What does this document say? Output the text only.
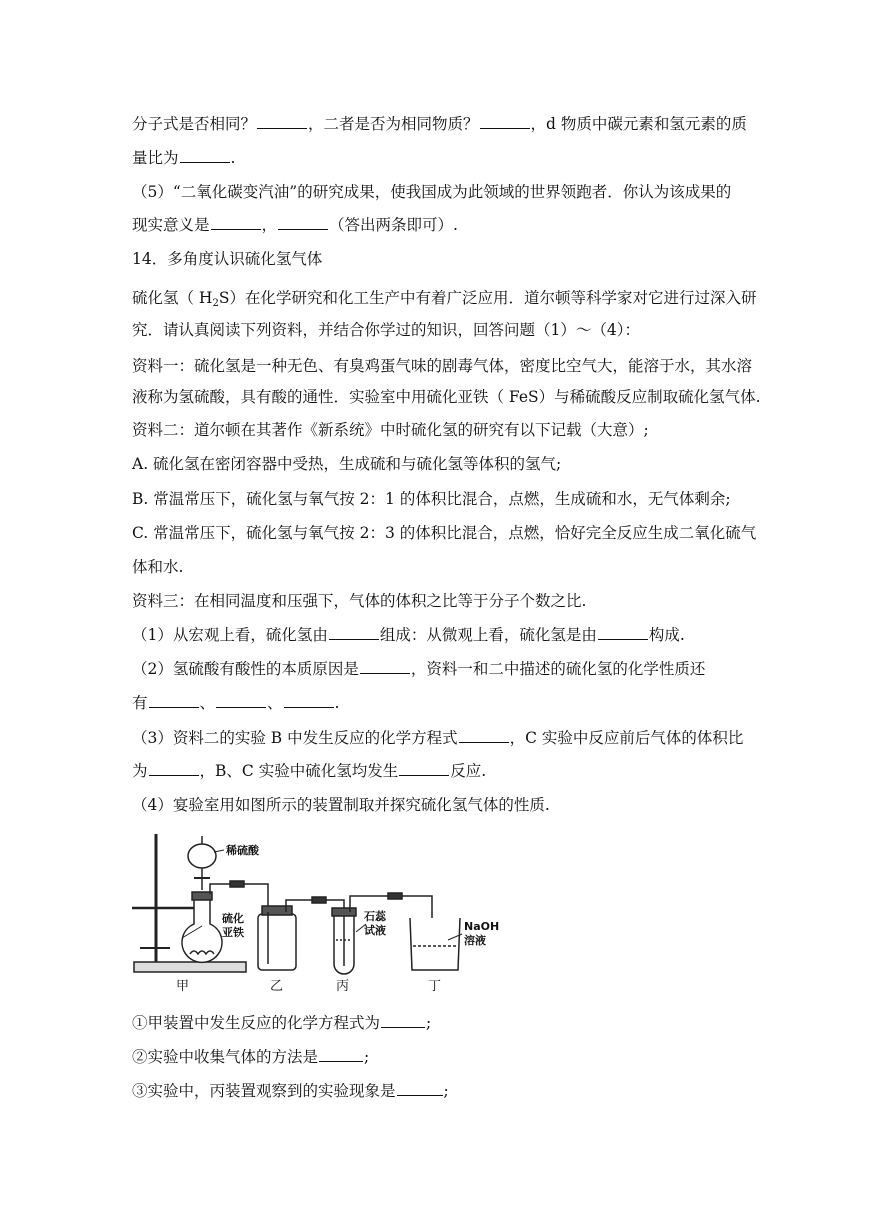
分子式是否相同？	，二者是否为相同物质？	，d 物质中碳元素和氢元素的质
量比为	.
（5）“二氧化碳变汽油”的研究成果，使我国成为此领域的世界领跑者．你认为该成果的
现实意义是	，	（答出两条即可）.
14．多角度认识硫化氢气体
硫化氢（ $H_2S$）在化学研究和化工生产中有着广泛应用．道尔顿等科学家对它进行过深入研
究．请认真阅读下列资料，并结合你学过的知识，回答问题（1）～（4）：
资料一：硫化氢是一种无色、有臭鸡蛋气味的剧毒气体，密度比空气大，能溶于水，其水溶
液称为氢硫酸，具有酸的通性．实验室中用硫化亚铁（ FeS）与稀硫酸反应制取硫化氢气体.
资料二：道尔顿在其著作《新系统》中时硫化氢的研究有以下记载（大意）;
A. 硫化氢在密闭容器中受热，生成硫和与硫化氢等体积的氢气;
B. 常温常压下，硫化氢与氧气按 2：1 的体积比混合，点燃，生成硫和水，无气体剩余;
C. 常温常压下，硫化氢与氧气按 2：3 的体积比混合，点燃，恰好完全反应生成二氧化硫气
体和水.
资料三：在相同温度和压强下，气体的体积之比等于分子个数之比.
（1）从宏观上看，硫化氢由	组成：从微观上看，硫化氢是由	构成.
（2）氢硫酸有酸性的本质原因是	，资料一和二中描述的硫化氢的化学性质还
有	、	、	.
（3）资料二的实验 B 中发生反应的化学方程式	，C 实验中反应前后气体的体积比
为	，B、C 实验中硫化氢均发生	反应.
（4）宴验室用如图所示的装置制取并探究硫化氢气体的性质.
稀硫酸
硫化
亚铁
石蕊
试液	NaOH
溶液
甲	乙	丙	丁
①甲装置中发生反应的化学方程式为	;
②实验中收集气体的方法是	;
③实验中，丙装置观察到的实验现象是	;
